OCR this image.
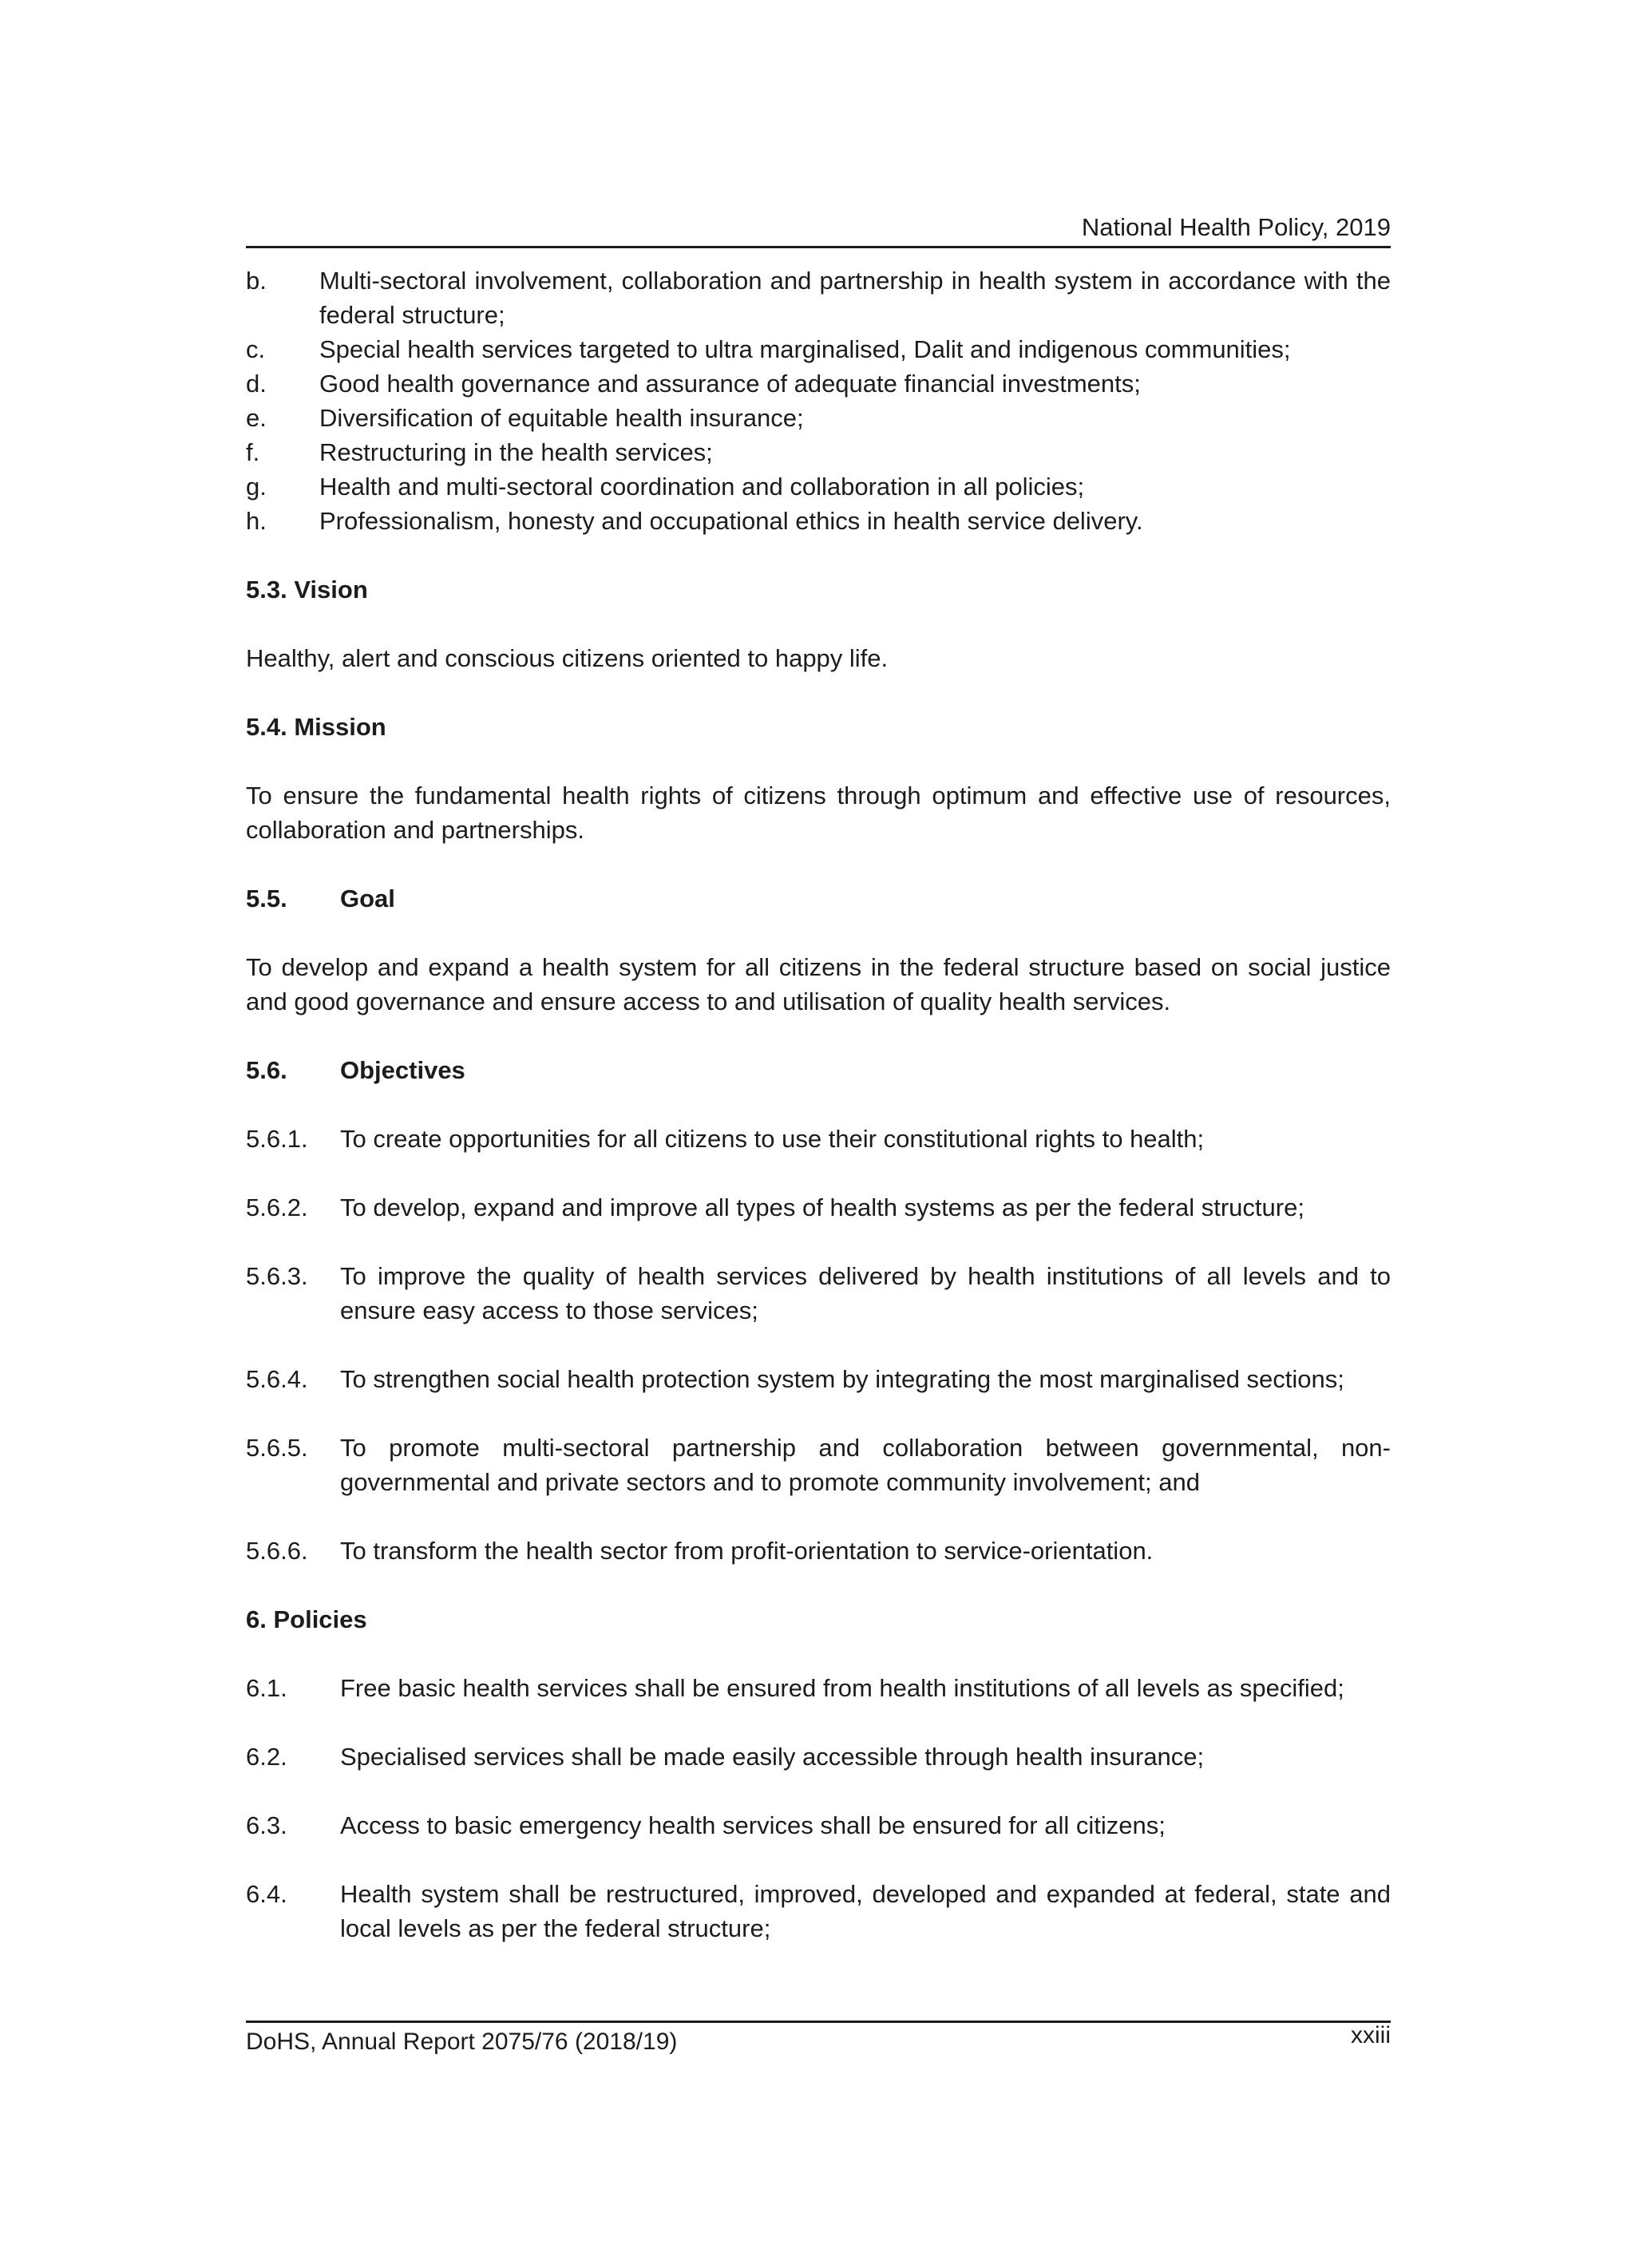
National Health Policy, 2019
b.	Multi-sectoral involvement, collaboration and partnership in health system in accordance with the federal structure;
c.	Special health services targeted to ultra marginalised, Dalit and indigenous communities;
d.	Good health governance and assurance of adequate financial investments;
e.	Diversification of equitable health insurance;
f.	Restructuring in the health services;
g.	Health and multi-sectoral coordination and collaboration in all policies;
h.	Professionalism, honesty and occupational ethics in health service delivery.
5.3. Vision
Healthy, alert and conscious citizens oriented to happy life.
5.4. Mission
To ensure the fundamental health rights of citizens through optimum and effective use of resources, collaboration and partnerships.
5.5.	Goal
To develop and expand a health system for all citizens in the federal structure based on social justice and good governance and ensure access to and utilisation of quality health services.
5.6.	Objectives
5.6.1.	To create opportunities for all citizens to use their constitutional rights to health;
5.6.2.	To develop, expand and improve all types of health systems as per the federal structure;
5.6.3.	To improve the quality of health services delivered by health institutions of all levels and to ensure easy access to those services;
5.6.4.	To strengthen social health protection system by integrating the most marginalised sections;
5.6.5.	To promote multi-sectoral partnership and collaboration between governmental, non-governmental and private sectors and to promote community involvement; and
5.6.6.	To transform the health sector from profit-orientation to service-orientation.
6. Policies
6.1.	Free basic health services shall be ensured from health institutions of all levels as specified;
6.2.	Specialised services shall be made easily accessible through health insurance;
6.3.	Access to basic emergency health services shall be ensured for all citizens;
6.4.	Health system shall be restructured, improved, developed and expanded at federal, state and local levels as per the federal structure;
DoHS, Annual Report 2075/76 (2018/19)	xxiii
